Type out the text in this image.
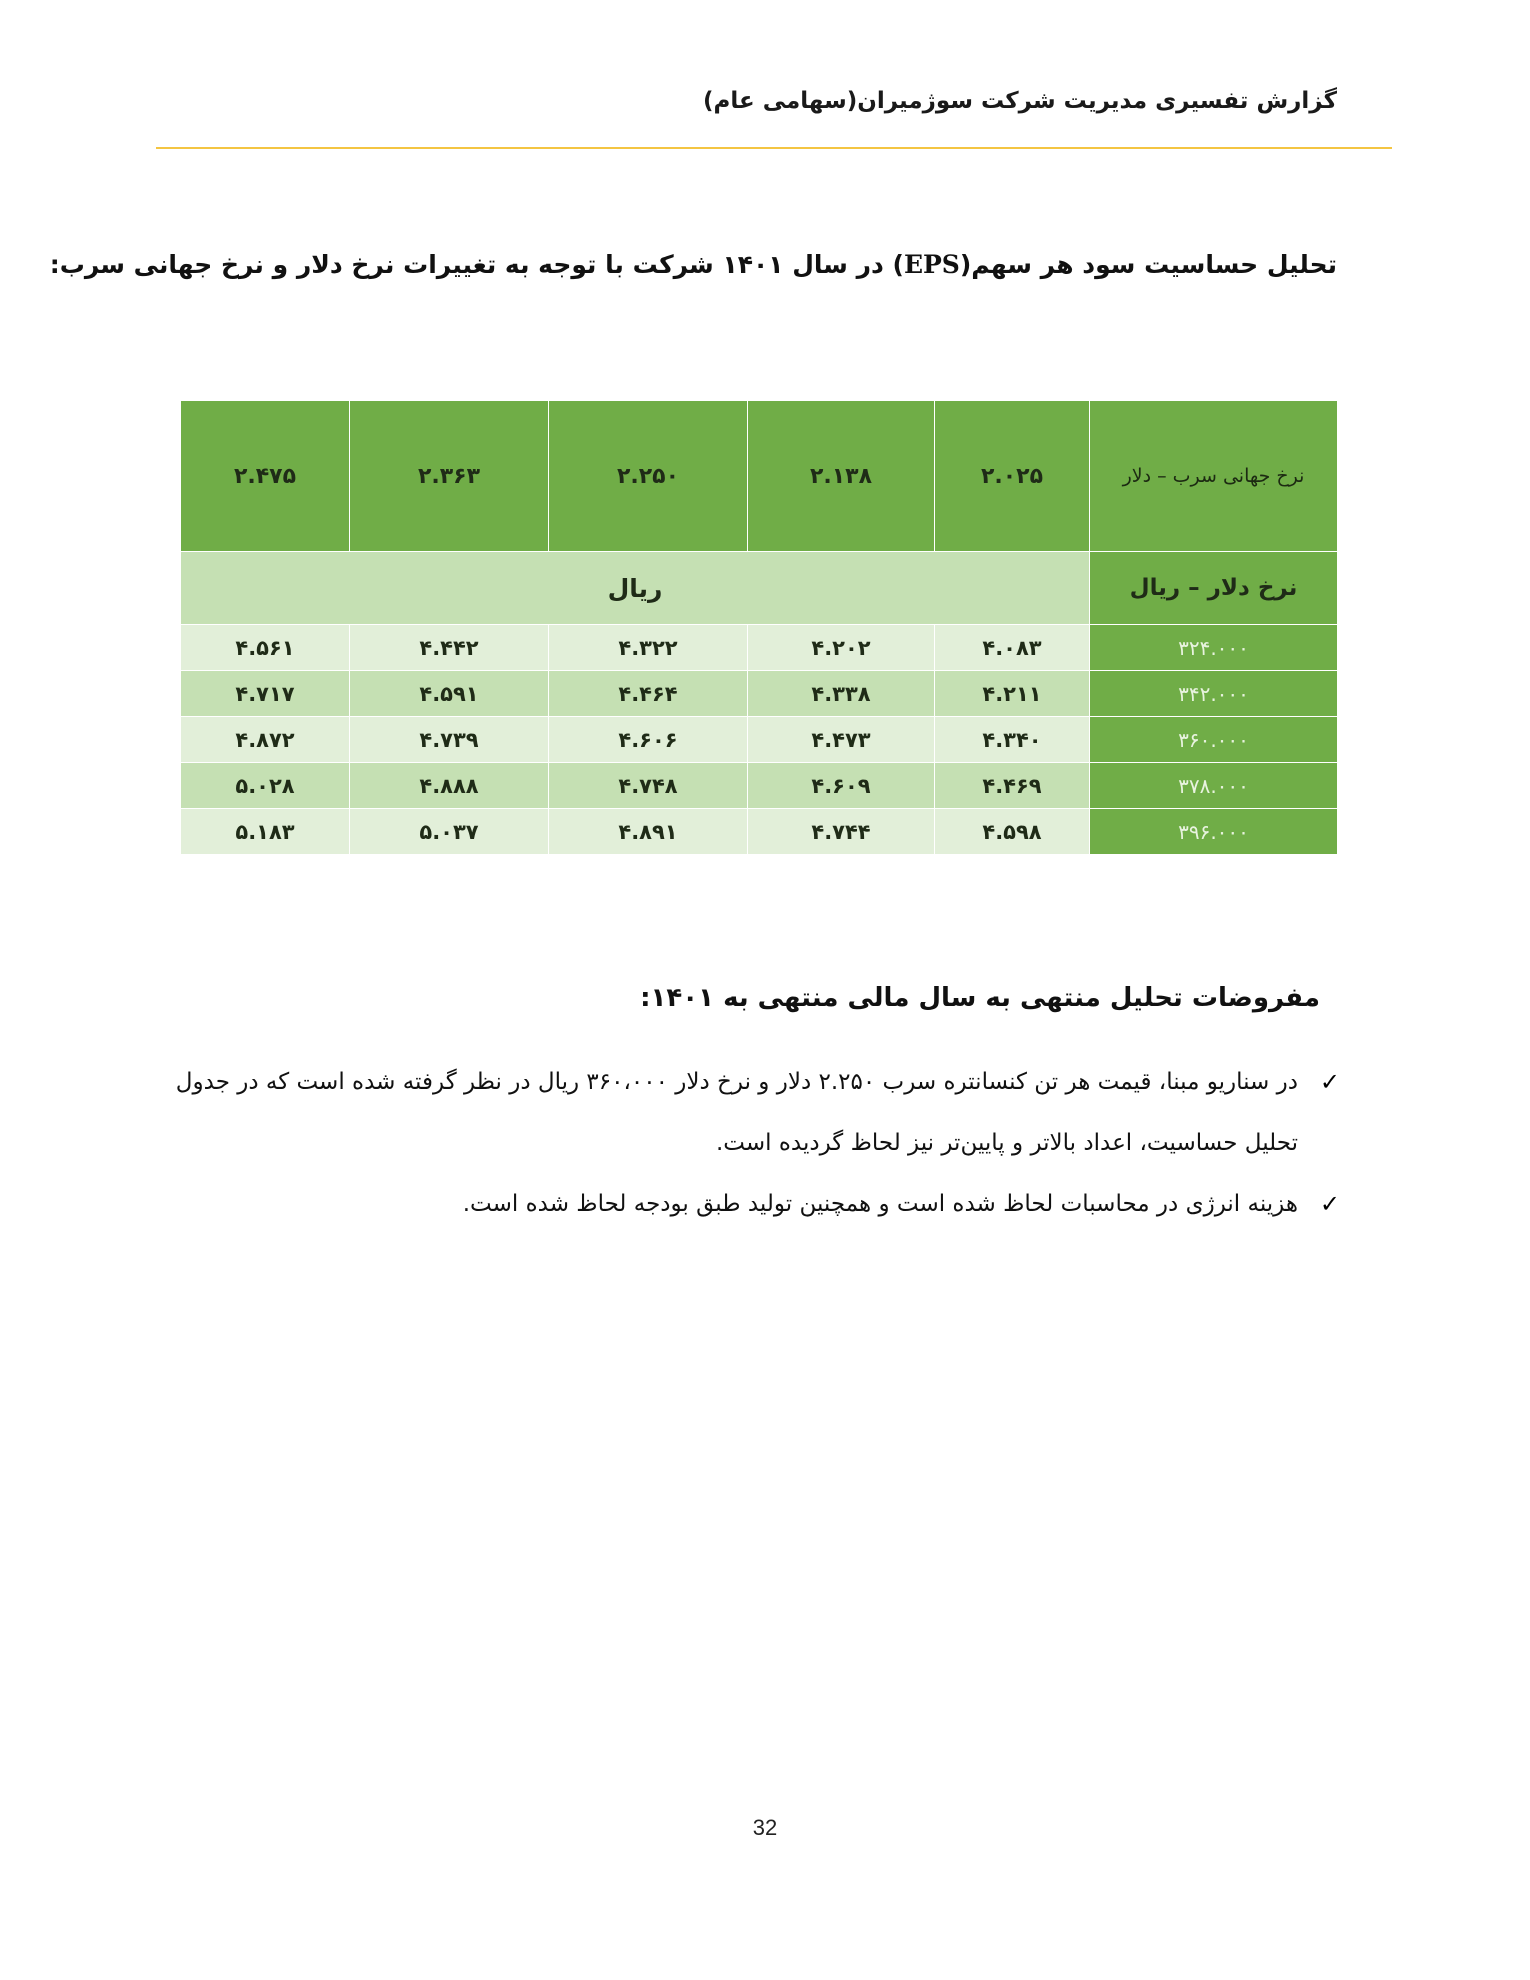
گزارش تفسیری مدیریت شرکت سوژمیران(سهامی عام)
تحلیل حساسیت سود هر سهم(EPS) در سال ۱۴۰۱ شرکت با توجه به تغییرات نرخ دلار و نرخ جهانی سرب:
نرخ جهانی سرب – دلار	۲.۰۲۵	۲.۱۳۸	۲.۲۵۰	۲.۳۶۳	۲.۴۷۵
نرخ دلار – ریال	ریال				
۳۲۴.۰۰۰	۴.۰۸۳	۴.۲۰۲	۴.۳۲۲	۴.۴۴۲	۴.۵۶۱
۳۴۲.۰۰۰	۴.۲۱۱	۴.۳۳۸	۴.۴۶۴	۴.۵۹۱	۴.۷۱۷
۳۶۰.۰۰۰	۴.۳۴۰	۴.۴۷۳	۴.۶۰۶	۴.۷۳۹	۴.۸۷۲
۳۷۸.۰۰۰	۴.۴۶۹	۴.۶۰۹	۴.۷۴۸	۴.۸۸۸	۵.۰۲۸
۳۹۶.۰۰۰	۴.۵۹۸	۴.۷۴۴	۴.۸۹۱	۵.۰۳۷	۵.۱۸۳
مفروضات تحلیل منتهی به سال مالی منتهی به ۱۴۰۱:
✓
در سناریو مبنا، قیمت هر تن کنسانتره سرب ۲.۲۵۰ دلار و نرخ دلار ۳۶۰،۰۰۰ ریال در نظر گرفته شده است که در جدول تحلیل حساسیت، اعداد بالاتر و پایین‌تر نیز لحاظ گردیده است.
✓
هزینه انرژی در محاسبات لحاظ شده است و همچنین تولید طبق بودجه لحاظ شده است.
32
